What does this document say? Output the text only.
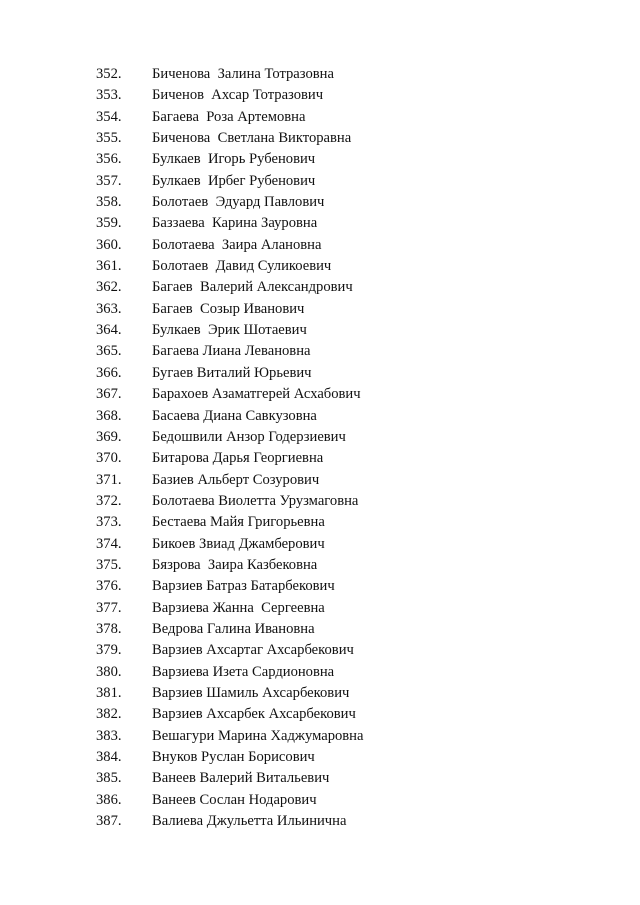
352. Биченова  Залина Тотразовна
353. Биченов  Ахсар Тотразович
354. Багаева  Роза Артемовна
355. Биченова  Светлана Викторавна
356. Булкаев  Игорь Рубенович
357. Булкаев  Ирбег Рубенович
358. Болотаев  Эдуард Павлович
359. Баззаева  Карина Зауровна
360. Болотаева  Заира Алановна
361. Болотаев  Давид Суликоевич
362. Багаев  Валерий Александрович
363. Багаев  Созыр Иванович
364. Булкаев  Эрик Шотаевич
365. Багаева Лиана Левановна
366. Бугаев Виталий Юрьевич
367. Барахоев Азаматгерей Асхабович
368. Басаева Диана Савкузовна
369. Бедошвили Анзор Годерзиевич
370. Битарова Дарья Георгиевна
371. Базиев Альберт Созурович
372. Болотаева Виолетта Урузмаговна
373. Бестаева Майя Григорьевна
374. Бикоев Звиад Джамберович
375. Бязрова  Заира Казбековна
376. Варзиев Батраз Батарбекович
377. Варзиева Жанна  Сергеевна
378. Ведрова Галина Ивановна
379. Варзиев Ахсартаг Ахсарбекович
380. Варзиева Изета Сардионовна
381. Варзиев Шамиль Ахсарбекович
382. Варзиев Ахсарбек Ахсарбекович
383. Вешагури Марина Хаджумаровна
384. Внуков Руслан Борисович
385. Ванеев Валерий Витальевич
386. Ванеев Сослан Нодарович
387. Валиева Джульетта Ильинична
